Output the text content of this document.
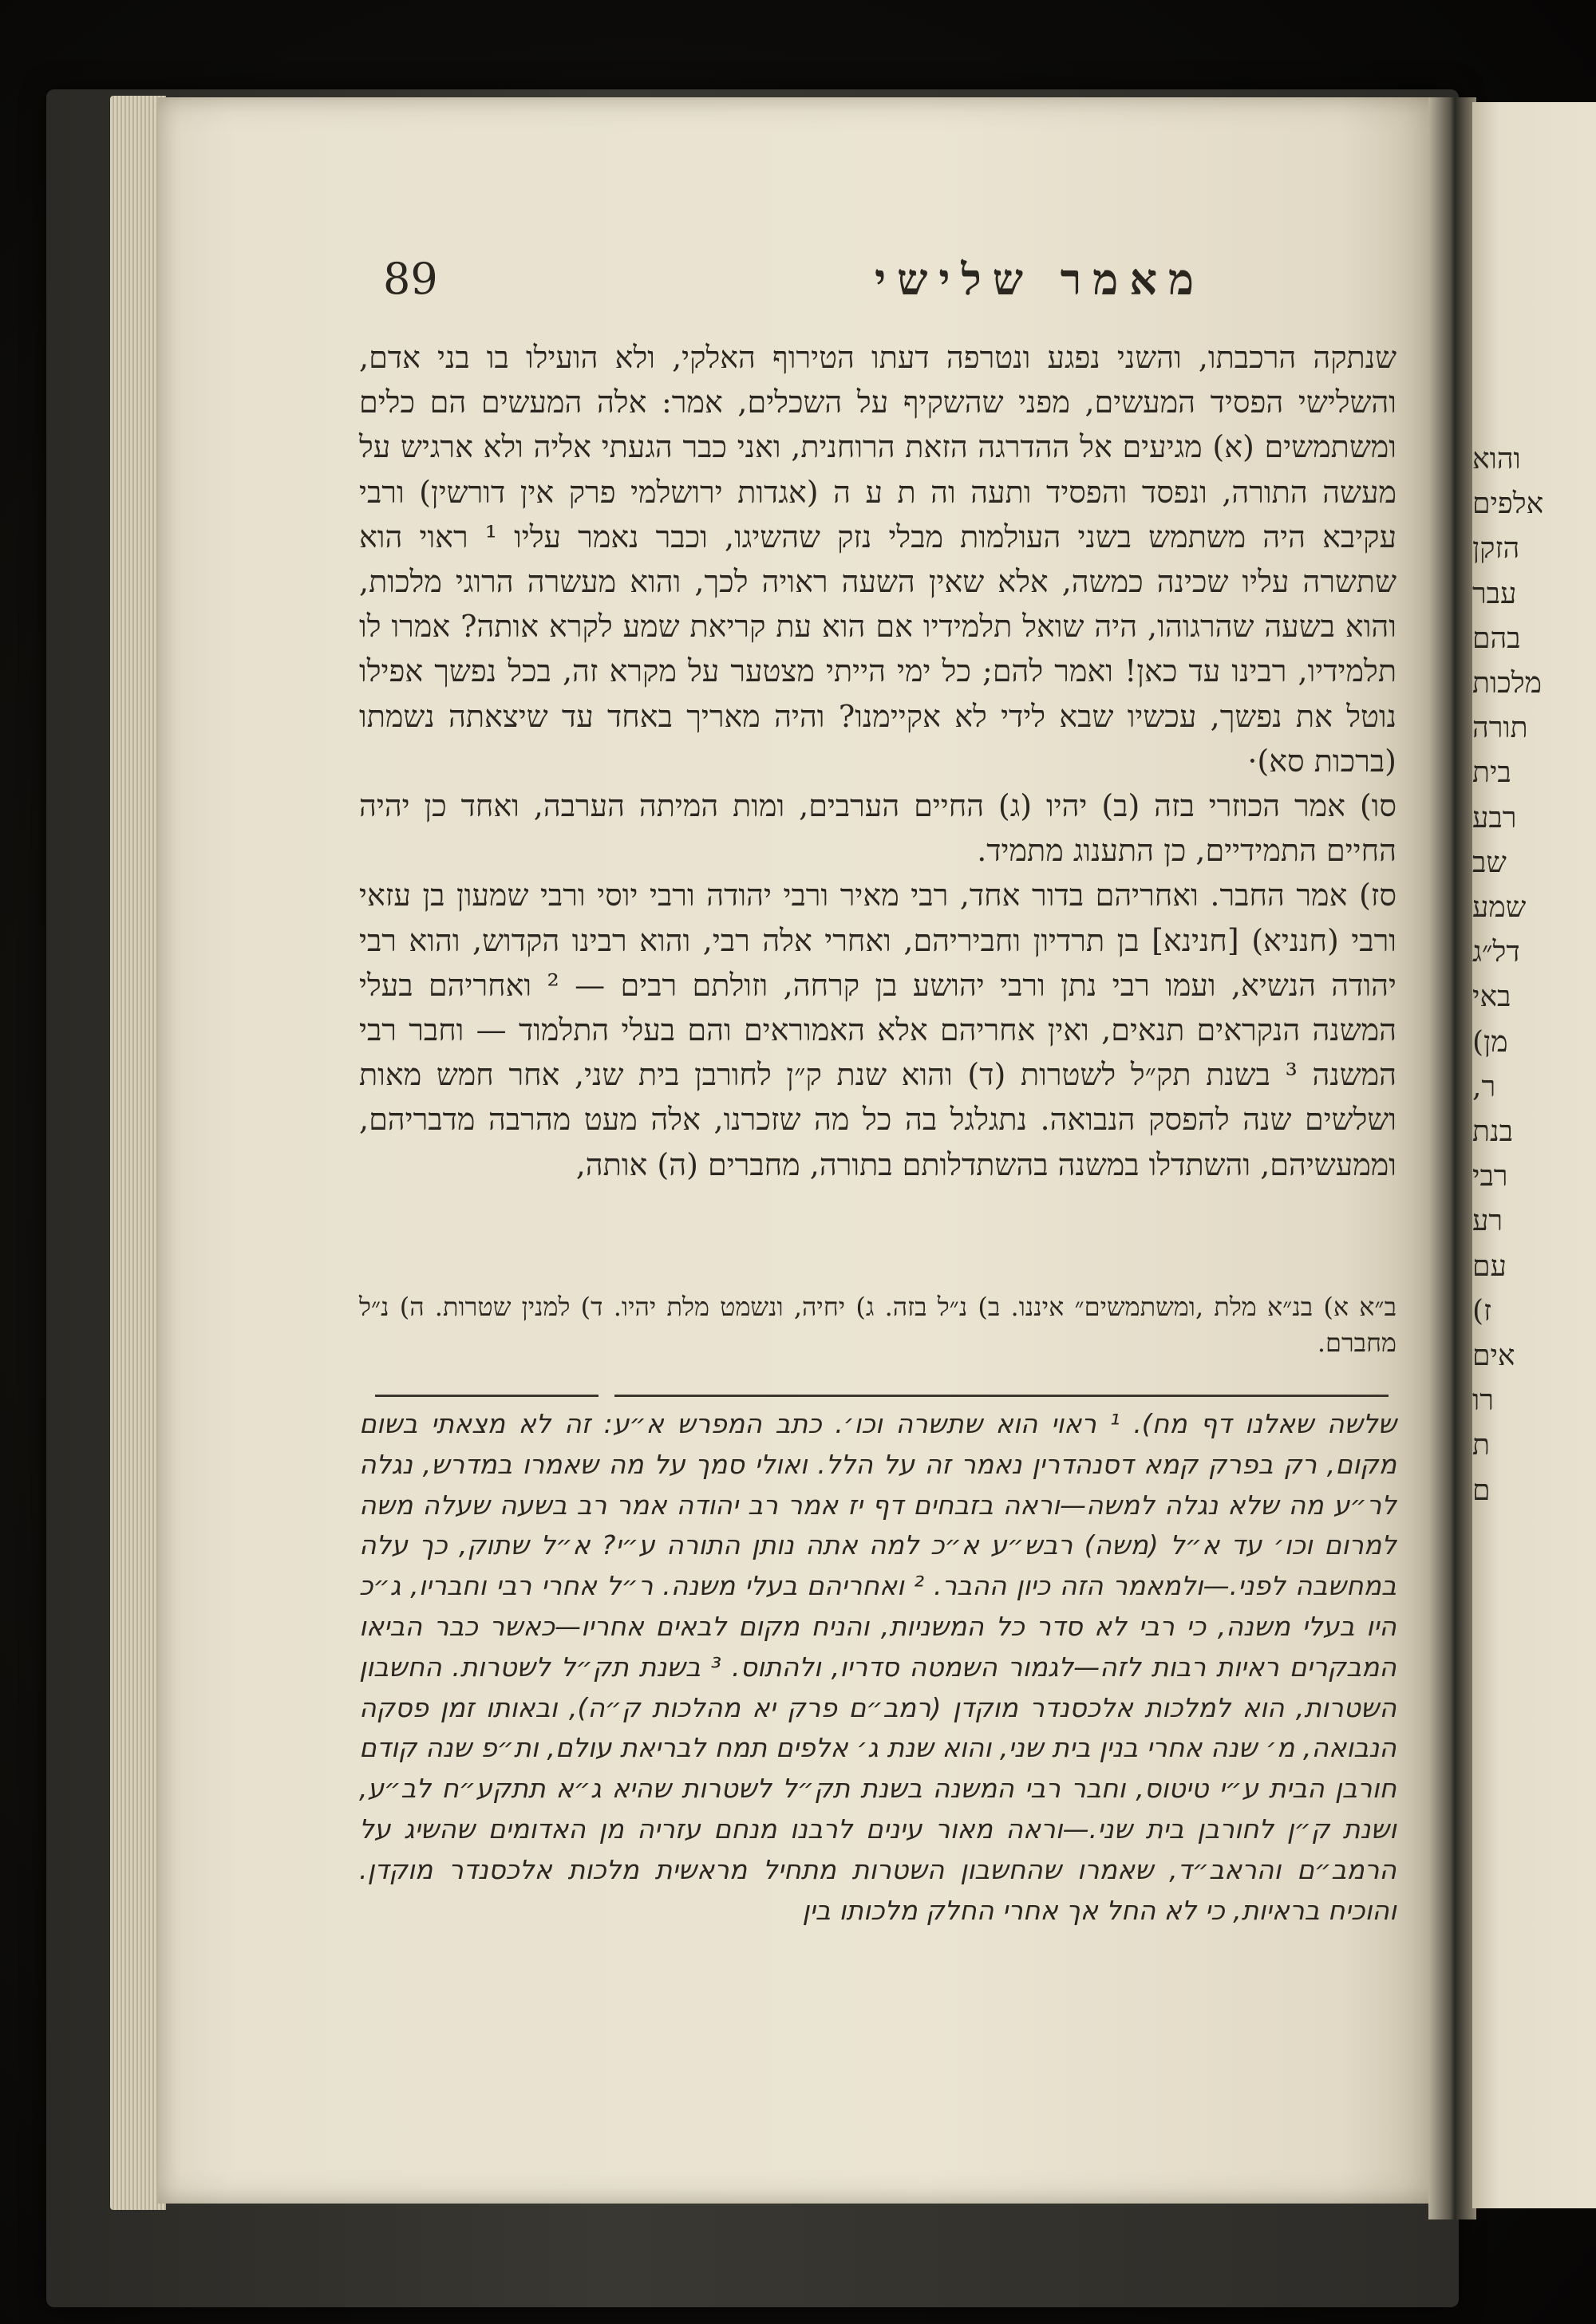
89	מאמר שלישי

שנתקה הרכבתו, והשני נפגע ונטרפה דעתו הטירוף האלקי, ולא הועילו בו בני אדם, והשלישי הפסיד המעשים, מפני שהשקיף על השכלים, אמר: אלה המעשים הם כלים ומשתמשים (א) מגיעים אל ההדרגה הזאת הרוחנית, ואני כבר הגעתי אליה ולא ארגיש על מעשה התורה, ונפסד והפסיד ותעה וה ת ע ה (אגדות ירושלמי פרק אין דורשין) ורבי עקיבא היה משתמש בשני העולמות מבלי נזק שהשיגו, וכבר נאמר עליו ¹ ראוי הוא שתשרה עליו שכינה כמשה, אלא שאין השעה ראויה לכך, והוא מעשרה הרוגי מלכות, והוא בשעה שהרגוהו, היה שואל תלמידיו אם הוא עת קריאת שמע לקרא אותה? אמרו לו תלמידיו, רבינו עד כאן! ואמר להם; כל ימי הייתי מצטער על מקרא זה, בכל נפשך אפילו נוטל את נפשך, עכשיו שבא לידי לא אקיימנו? והיה מאריך באחד עד שיצאתה נשמתו (ברכות סא)·

סו) אמר הכוזרי בזה (ב) יהיו (ג) החיים הערבים, ומות המיתה הערבה, ואחד כן יהיה החיים התמידיים, כן התענוג מתמיד.

סז) אמר החבר. ואחריהם בדור אחד, רבי מאיר ורבי יהודה ורבי יוסי ורבי שמעון בן עזאי ורבי (חנניא) [חנינא] בן תרדיון וחביריהם, ואחרי אלה רבי, והוא רבינו הקדוש, והוא רבי יהודה הנשיא, ועמו רבי נתן ורבי יהושע בן קרחה, וזולתם רבים — ² ואחריהם בעלי המשנה הנקראים תנאים, ואין אחריהם אלא האמוראים והם בעלי התלמוד — וחבר רבי המשנה ³ בשנת תק״ל לשטרות (ד) והוא שנת ק״ן לחורבן בית שני, אחר חמש מאות ושלשים שנה להפסק הנבואה. נתגלגל בה כל מה שזכרנו, אלה מעט מהרבה מדבריהם, וממעשיהם, והשתדלו במשנה בהשתדלותם בתורה, מחברים (ה) אותה,

ב״א א) בנ״א מלת ,ומשתמשים״ איננו. ב) נ״ל בזה. ג) יחיה, ונשמט מלת יהיו. ד) למנין שטרות. ה) נ״ל מחברם.
שלשה שאלנו דף מח). ¹ ראוי הוא שתשרה וכו׳. כתב המפרש א״ע: זה לא מצאתי בשום מקום, רק בפרק קמא דסנהדרין נאמר זה על הלל. ואולי סמך על מה שאמרו במדרש, נגלה לר״ע מה שלא נגלה למשה—וראה בזבחים דף יז אמר רב יהודה אמר רב בשעה שעלה משה למרום וכו׳ עד א״ל (משה) רבש״ע א״כ למה אתה נותן התורה ע״י? א״ל שתוק, כך עלה במחשבה לפני.—ולמאמר הזה כיון ההבר. ² ואחריהם בעלי משנה. ר״ל אחרי רבי וחבריו, ג״כ היו בעלי משנה, כי רבי לא סדר כל המשניות, והניח מקום לבאים אחריו—כאשר כבר הביאו המבקרים ראיות רבות לזה—לגמור השמטה סדריו, ולהתוס. ³ בשנת תק״ל לשטרות. החשבון השטרות, הוא למלכות אלכסנדר מוקדן (רמב״ם פרק יא מהלכות ק״ה), ובאותו זמן פסקה הנבואה, מ׳ שנה אחרי בנין בית שני, והוא שנת ג׳ אלפים תמח לבריאת עולם, ות״פ שנה קודם חורבן הבית ע״י טיטוס, וחבר רבי המשנה בשנת תק״ל לשטרות שהיא ג״א תתקע״ח לב״ע, ושנת ק״ן לחורבן בית שני.—וראה מאור עינים לרבנו מנחם עזריה מן האדומים שהשיג על הרמב״ם והראב״ד, שאמרו שהחשבון השטרות מתחיל מראשית מלכות אלכסנדר מוקדן. והוכיח בראיות, כי לא החל אך אחרי החלק מלכותו בין
והוא
אלפים
הזקן
עבר
בהם
מלכות
תורה
בית
רבע
שב
שמע
דל״ג
באי
מן)
ר,
בנת
רבי
רע
עם
ז)
אים
רו
ת
ם
